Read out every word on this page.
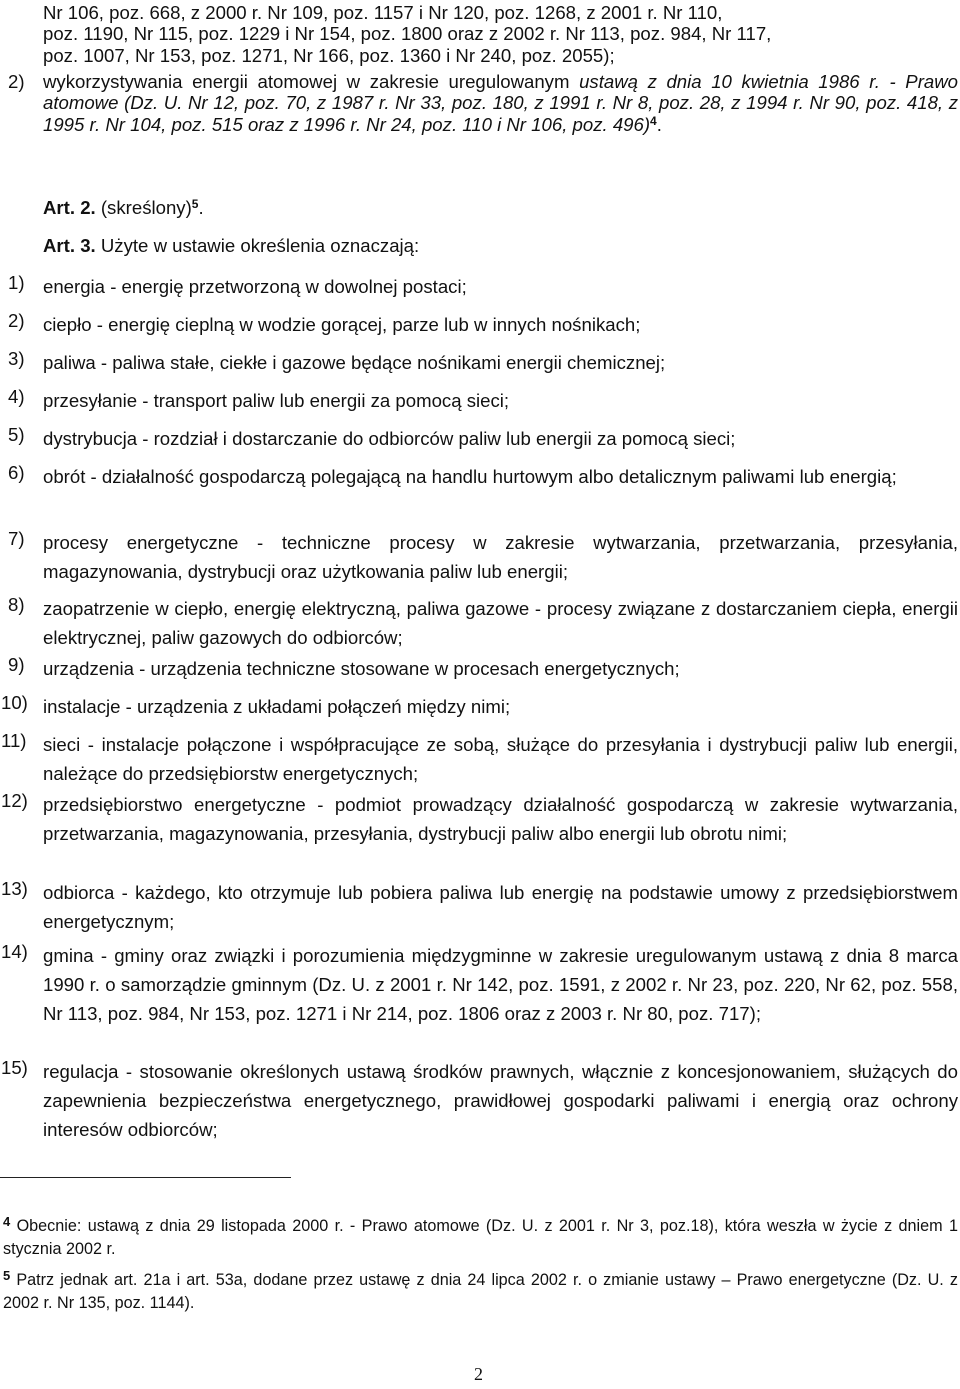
Nr 106, poz. 668, z 2000 r. Nr 109, poz. 1157 i Nr 120, poz. 1268, z 2001 r. Nr 110,
poz. 1190, Nr 115, poz. 1229 i Nr 154, poz. 1800 oraz z 2002 r. Nr 113, poz. 984, Nr 117,
poz. 1007, Nr 153, poz. 1271, Nr 166, poz. 1360 i Nr 240, poz. 2055);
2) wykorzystywania energii atomowej w zakresie uregulowanym ustawą z dnia 10 kwietnia 1986 r. - Prawo atomowe (Dz. U. Nr 12, poz. 70, z 1987 r. Nr 33, poz. 180, z 1991 r. Nr 8, poz. 28, z 1994 r. Nr 90, poz. 418, z 1995 r. Nr 104, poz. 515 oraz z 1996 r. Nr 24, poz. 110 i Nr 106, poz. 496)$^4$.
Art. 2. (skreślony)$^5$.
Art. 3. Użyte w ustawie określenia oznaczają:
1) energia - energię przetworzoną w dowolnej postaci;
2) ciepło - energię cieplną w wodzie gorącej, parze lub w innych nośnikach;
3) paliwa - paliwa stałe, ciekłe i gazowe będące nośnikami energii chemicznej;
4) przesyłanie - transport paliw lub energii za pomocą sieci;
5) dystrybucja - rozdział i dostarczanie do odbiorców paliw lub energii za pomocą sieci;
6) obrót - działalność gospodarczą polegającą na handlu hurtowym albo detalicznym paliwami lub energią;
7) procesy energetyczne - techniczne procesy w zakresie wytwarzania, przetwarzania, przesyłania, magazynowania, dystrybucji oraz użytkowania paliw lub energii;
8) zaopatrzenie w ciepło, energię elektryczną, paliwa gazowe - procesy związane z dostarczaniem ciepła, energii elektrycznej, paliw gazowych do odbiorców;
9) urządzenia - urządzenia techniczne stosowane w procesach energetycznych;
10) instalacje - urządzenia z układami połączeń między nimi;
11) sieci - instalacje połączone i współpracujące ze sobą, służące do przesyłania i dystrybucji paliw lub energii, należące do przedsiębiorstw energetycznych;
12) przedsiębiorstwo energetyczne - podmiot prowadzący działalność gospodarczą w zakresie wytwarzania, przetwarzania, magazynowania, przesyłania, dystrybucji paliw albo energii lub obrotu nimi;
13) odbiorca - każdego, kto otrzymuje lub pobiera paliwa lub energię na podstawie umowy z przedsiębiorstwem energetycznym;
14) gmina - gminy oraz związki i porozumienia międzygminne w zakresie uregulowanym ustawą z dnia 8 marca 1990 r. o samorządzie gminnym (Dz. U. z 2001 r. Nr 142, poz. 1591, z 2002 r. Nr 23, poz. 220, Nr 62, poz. 558, Nr 113, poz. 984, Nr 153, poz. 1271 i Nr 214, poz. 1806 oraz z 2003 r. Nr 80, poz. 717);
15) regulacja - stosowanie określonych ustawą środków prawnych, włącznie z koncesjonowaniem, służących do zapewnienia bezpieczeństwa energetycznego, prawidłowej gospodarki paliwami i energią oraz ochrony interesów odbiorców;
$^4$ Obecnie: ustawą z dnia 29 listopada 2000 r. - Prawo atomowe (Dz. U. z 2001 r. Nr 3, poz.18), która weszła w życie z dniem 1 stycznia 2002 r.
$^5$ Patrz jednak art. 21a i art. 53a, dodane przez ustawę z dnia 24 lipca 2002 r. o zmianie ustawy – Prawo energetyczne (Dz. U. z 2002 r. Nr 135, poz. 1144).
2
